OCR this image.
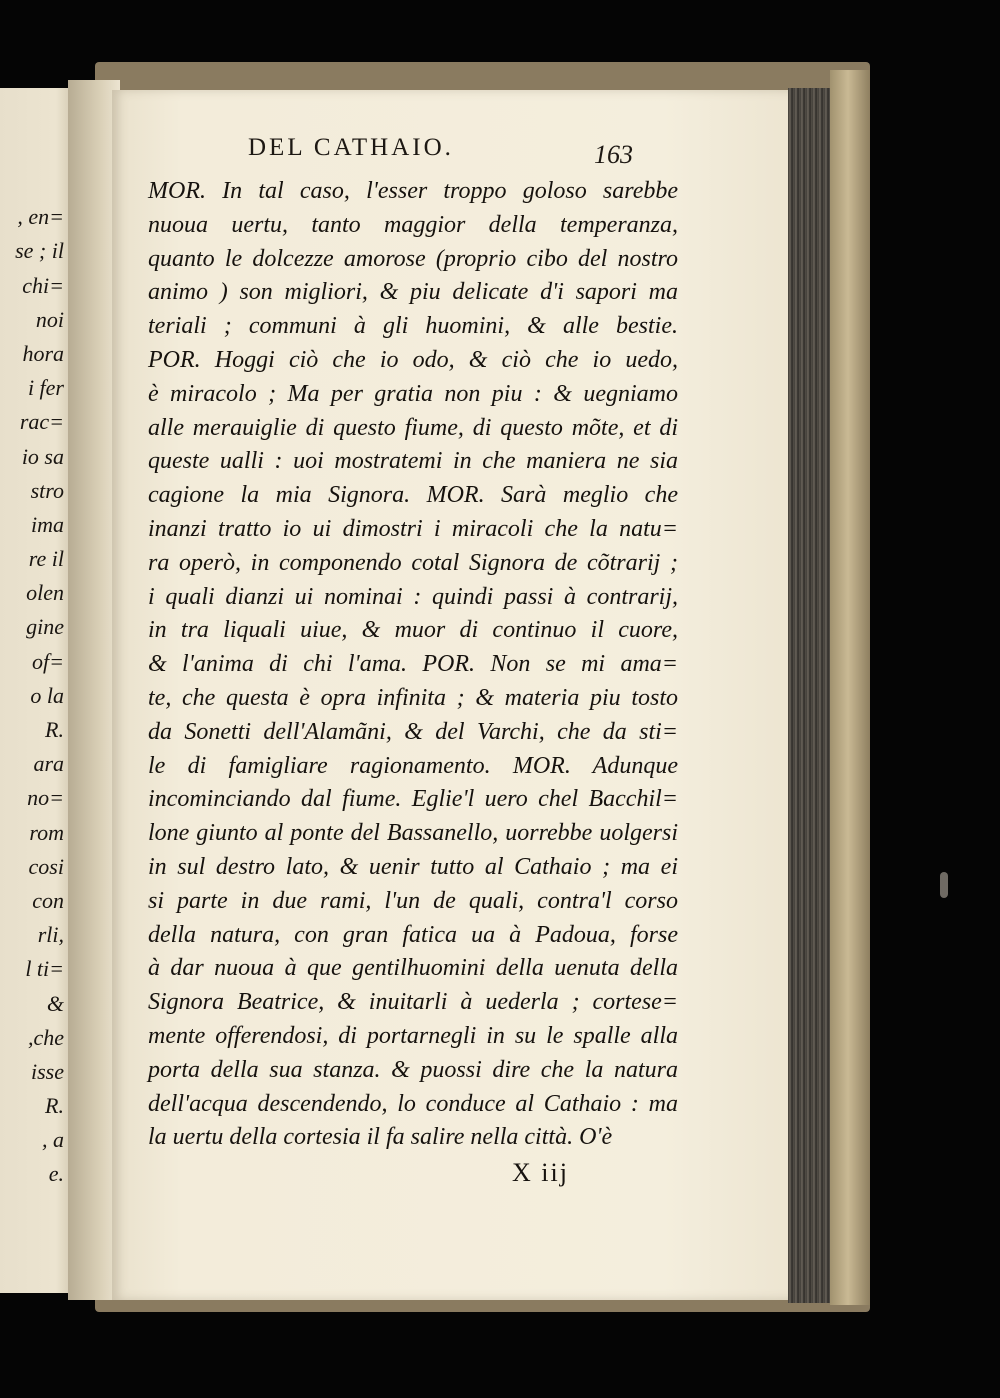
, en=
se ; il
chi=
noi
hora
i fer
rac=
io sa
stro
ima
re il
olen
gine
of=
o la
R.
ara
no=
rom
cosi
con
rli,
l ti=
&
,che
isse
R.
, a
e.
DEL CATHAIO.	163
MOR. In tal caso, l'esser troppo goloso sarebbe
nuoua uertu, tanto maggior della temperanza,
quanto le dolcezze amorose (proprio cibo del nostro
animo ) son migliori, & piu delicate d'i sapori ma
teriali ; communi à gli huomini, & alle bestie.
POR. Hoggi ciò che io odo, & ciò che io uedo,
è miracolo ; Ma per gratia non piu : & uegniamo
alle merauiglie di questo fiume, di questo mõte, et di
queste ualli : uoi mostratemi in che maniera ne sia
cagione la mia Signora. MOR. Sarà meglio che
inanzi tratto io ui dimostri i miracoli che la natu=
ra operò, in componendo cotal Signora de cõtrarij ;
i quali dianzi ui nominai : quindi passi à contrarij,
in tra liquali uiue, & muor di continuo il cuore,
& l'anima di chi l'ama. POR. Non se mi ama=
te, che questa è opra infinita ; & materia piu tosto
da Sonetti dell'Alamãni, & del Varchi, che da sti=
le di famigliare ragionamento. MOR. Adunque
incominciando dal fiume. Eglie'l uero chel Bacchil=
lone giunto al ponte del Bassanello, uorrebbe uolgersi
in sul destro lato, & uenir tutto al Cathaio ; ma ei
si parte in due rami, l'un de quali, contra'l corso
della natura, con gran fatica ua à Padoua, forse
à dar nuoua à que gentilhuomini della uenuta della
Signora Beatrice, & inuitarli à uederla ; cortese=
mente offerendosi, di portarnegli in su le spalle alla
porta della sua stanza. & puossi dire che la natura
dell'acqua descendendo, lo conduce al Cathaio : ma
la uertu della cortesia il fa salire nella città. O'è
X iij
